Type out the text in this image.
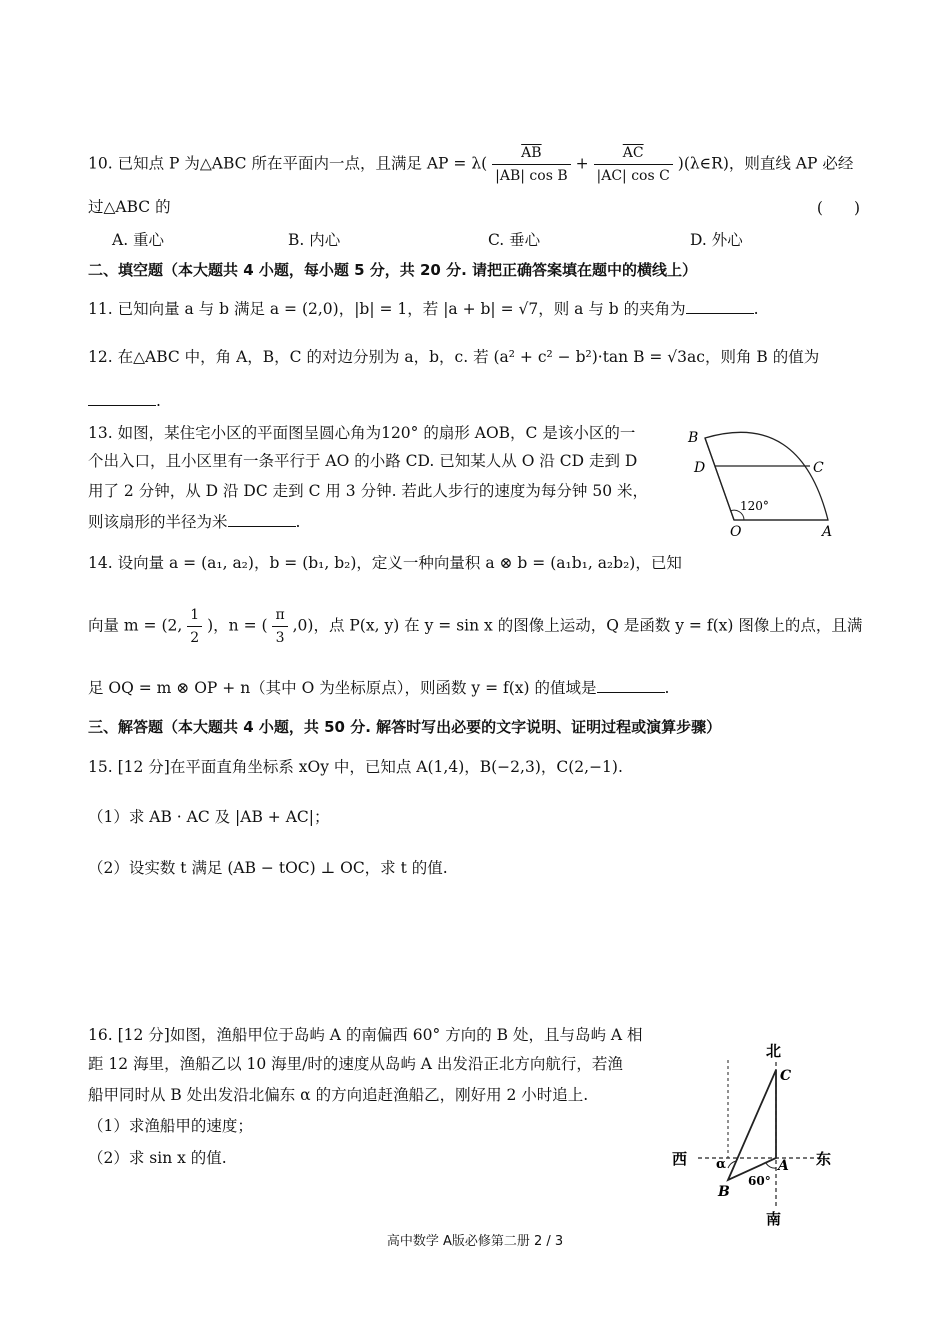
10. 已知点 P 为△ABC 所在平面内一点，且满足 AP = $\lambda( \frac{\overline{AB}}{\text{|AB| cos B}} + \frac{\overline{AC}}{\text{|AC| cos C}}$ )(λ∈R)，则直线 AP 必经
过△ABC 的	(　　)
A. 重心	B. 内心	C. 垂心	D. 外心
二、填空题（本大题共 4 小题，每小题 5 分，共 20 分. 请把正确答案填在题中的横线上）
11. 已知向量 a 与 b 满足 a = (2,0)，|b| = 1，若 |a + b| = √7，则 a 与 b 的夹角为	.
12. 在△ABC 中，角 A，B，C 的对边分别为 a，b，c. 若 (a² + c² − b²)·tan B = √3ac，则角 B 的值为
.
13. 如图，某住宅小区的平面图呈圆心角为120° 的扇形 AOB，C 是该小区的一
个出入口，且小区里有一条平行于 AO 的小路 CD. 已知某人从 O 沿 CD 走到 D
用了 2 分钟，从 D 沿 DC 走到 C 用 3 分钟. 若此人步行的速度为每分钟 50 米，
则该扇形的半径为米	.
B
D	C
120°
O	A
14. 设向量 a = (a₁, a₂)，b = (b₁, b₂)，定义一种向量积 a ⊗ b = (a₁b₁, a₂b₂)，已知
向量 m = (2, $\frac{1}{2}$ )，n = ( $\frac{\pi}{3} ,0$)，点 P(x, y) 在 y = sin x 的图像上运动，Q 是函数 y = f(x) 图像上的点，且满
足 OQ = m ⊗ OP + n（其中 O 为坐标原点），则函数 y = f(x) 的值域是	.
三、解答题（本大题共 4 小题，共 50 分. 解答时写出必要的文字说明、证明过程或演算步骤）
15. [12 分]在平面直角坐标系 xOy 中，已知点 A(1,4)，B(−2,3)，C(2,−1).
（1）求 AB · AC 及 |AB + AC|；
（2）设实数 t 满足 (AB − tOC) ⊥ OC，求 t 的值.
16. [12 分]如图，渔船甲位于岛屿 A 的南偏西 60° 方向的 B 处，且与岛屿 A 相
距 12 海里，渔船乙以 10 海里/时的速度从岛屿 A 出发沿正北方向航行，若渔
船甲同时从 B 处出发沿北偏东 α 的方向追赶渔船乙，刚好用 2 小时追上.
（1）求渔船甲的速度；
（2）求 sin x 的值.
北
南
西	东
C
A
B
α
60°
高中数学 A版必修第二册 2 / 3
